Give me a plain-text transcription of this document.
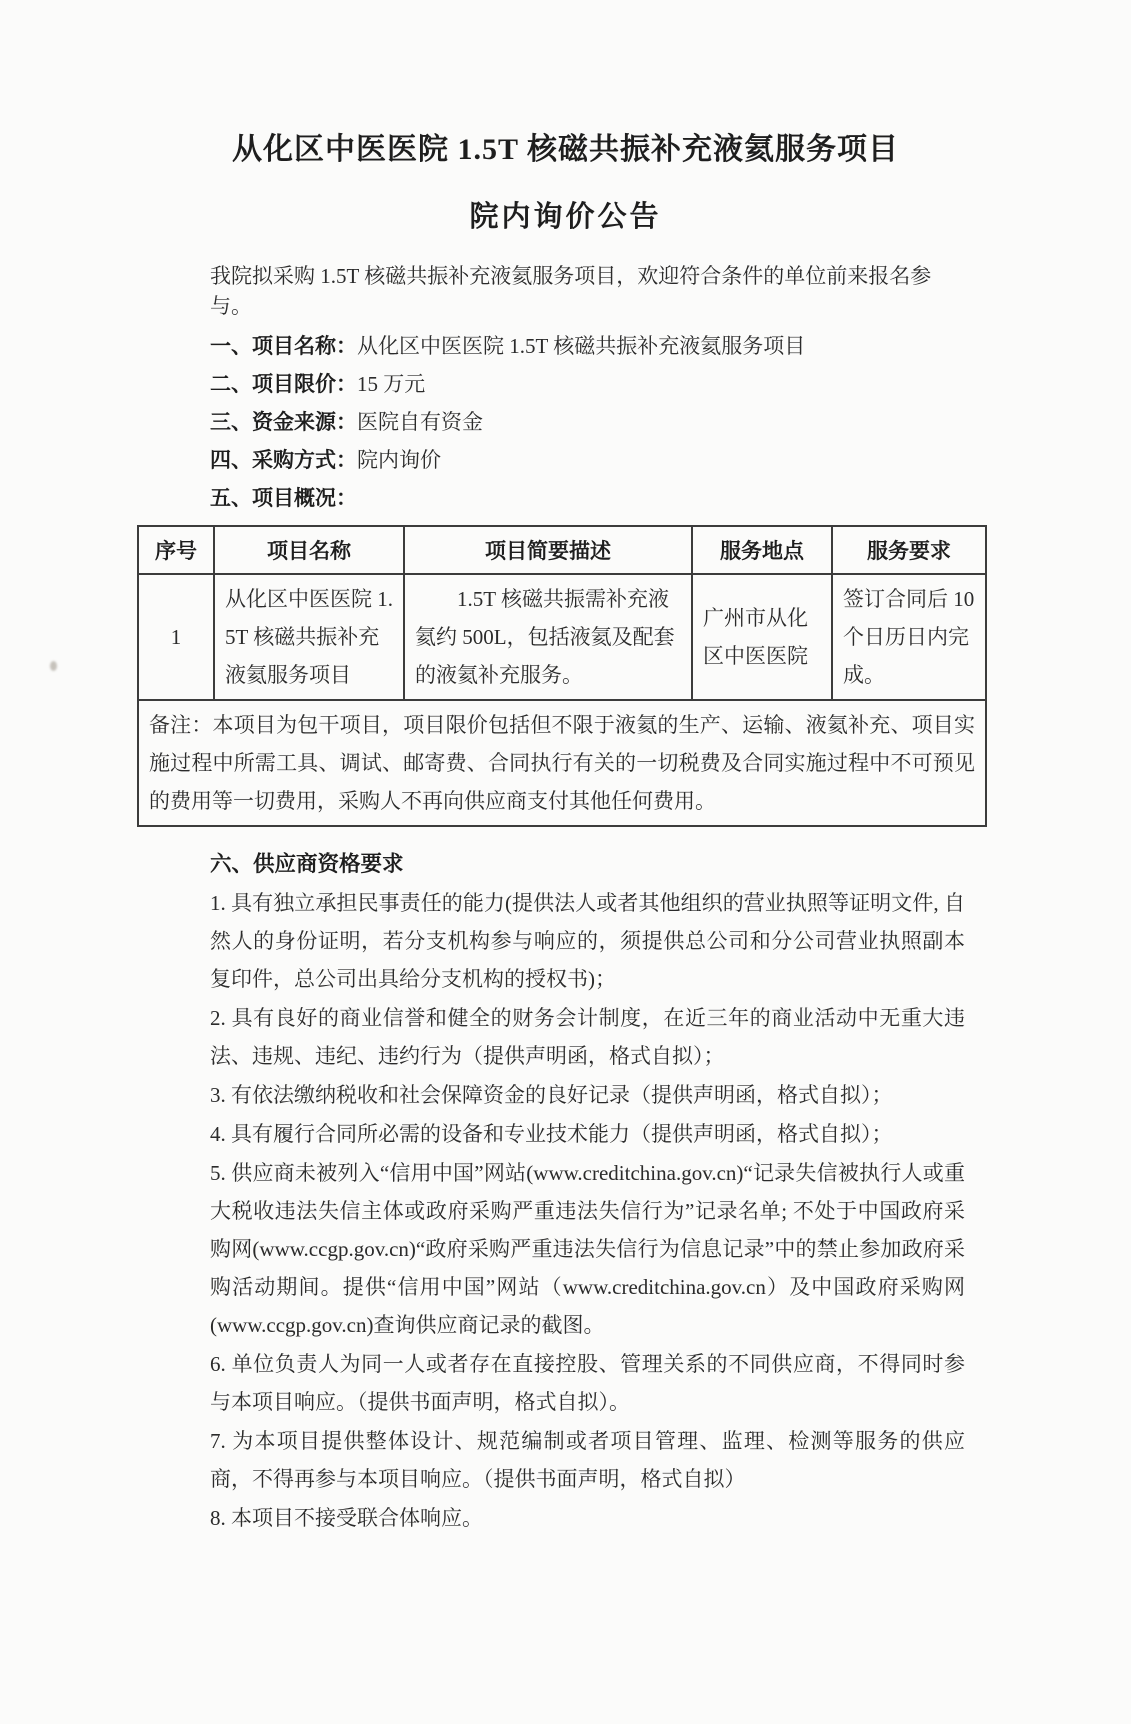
从化区中医医院 1.5T 核磁共振补充液氦服务项目
院内询价公告

我院拟采购 1.5T 核磁共振补充液氦服务项目，欢迎符合条件的单位前来报名参与。

一、项目名称：从化区中医医院 1.5T 核磁共振补充液氦服务项目

二、项目限价：15 万元

三、资金来源：医院自有资金

四、采购方式：院内询价

五、项目概况：

序号	项目名称	项目简要描述	服务地点	服务要求
1	从化区中医医院 1.5T 核磁共振补充液氦服务项目	1.5T 核磁共振需补充液氦约 500L，包括液氦及配套的液氦补充服务。	广州市从化区中医医院	签订合同后 10 个日历日内完成。
备注：本项目为包干项目，项目限价包括但不限于液氦的生产、运输、液氦补充、项目实施过程中所需工具、调试、邮寄费、合同执行有关的一切税费及合同实施过程中不可预见的费用等一切费用，采购人不再向供应商支付其他任何费用。				
六、供应商资格要求

1. 具有独立承担民事责任的能力(提供法人或者其他组织的营业执照等证明文件, 自然人的身份证明，若分支机构参与响应的，须提供总公司和分公司营业执照副本复印件，总公司出具给分支机构的授权书)；

2. 具有良好的商业信誉和健全的财务会计制度，在近三年的商业活动中无重大违法、违规、违纪、违约行为（提供声明函，格式自拟）；

3. 有依法缴纳税收和社会保障资金的良好记录（提供声明函，格式自拟）；

4. 具有履行合同所必需的设备和专业技术能力（提供声明函，格式自拟）；

5. 供应商未被列入“信用中国”网站(www.creditchina.gov.cn)“记录失信被执行人或重大税收违法失信主体或政府采购严重违法失信行为”记录名单; 不处于中国政府采购网(www.ccgp.gov.cn)“政府采购严重违法失信行为信息记录”中的禁止参加政府采购活动期间。提供“信用中国”网站（www.creditchina.gov.cn）及中国政府采购网(www.ccgp.gov.cn)查询供应商记录的截图。

6. 单位负责人为同一人或者存在直接控股、管理关系的不同供应商，不得同时参与本项目响应。（提供书面声明，格式自拟）。

7. 为本项目提供整体设计、规范编制或者项目管理、监理、检测等服务的供应商，不得再参与本项目响应。（提供书面声明，格式自拟）

8. 本项目不接受联合体响应。
